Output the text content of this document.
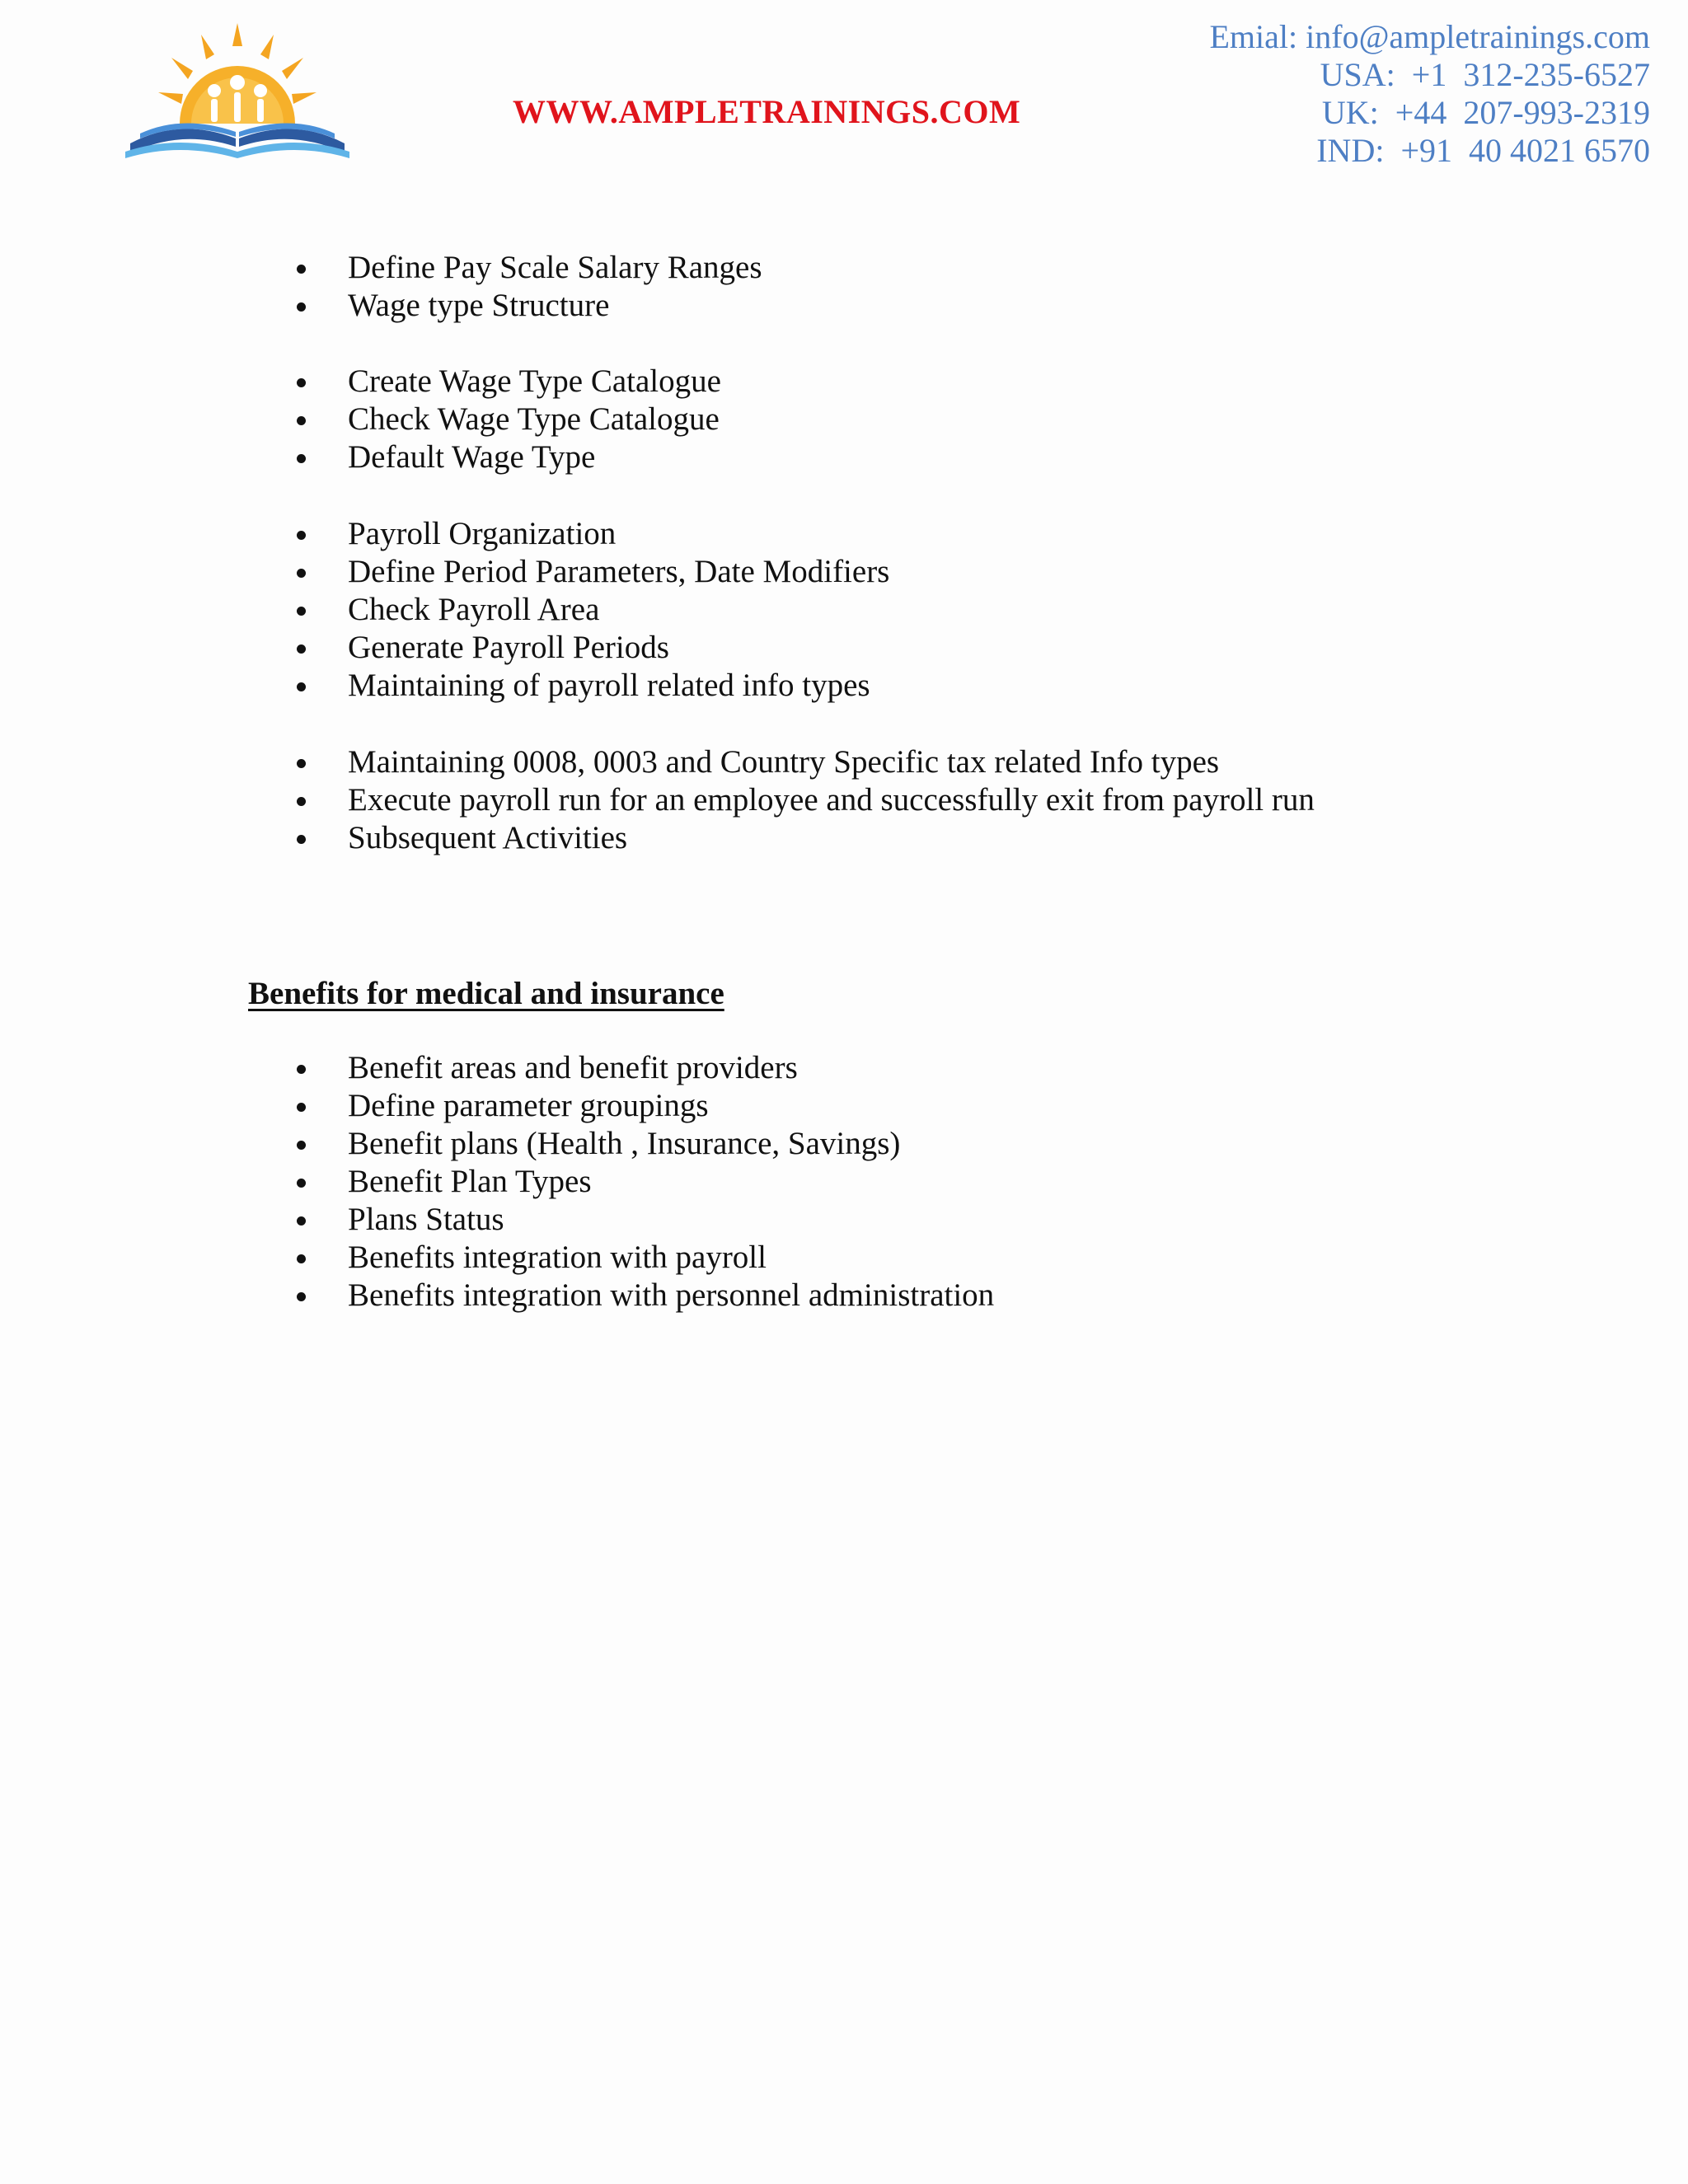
WWW.AMPLETRAININGS.COM
Emial: info@ampletrainings.com
USA:  +1  312-235-6527
UK:  +44  207-993-2319
IND:  +91  40 4021 6570
Define Pay Scale Salary Ranges
Wage type Structure
Create Wage Type Catalogue
Check Wage Type Catalogue
Default Wage Type
Payroll Organization
Define Period Parameters, Date Modifiers
Check Payroll Area
Generate Payroll Periods
Maintaining of payroll related info types
Maintaining 0008, 0003 and Country Specific tax related Info types
Execute payroll run for an employee and successfully exit from payroll run
Subsequent Activities
Benefits for medical and insurance
Benefit areas and benefit providers
Define parameter groupings
Benefit plans (Health , Insurance, Savings)
Benefit Plan Types
Plans Status
Benefits integration with payroll
Benefits integration with personnel administration
